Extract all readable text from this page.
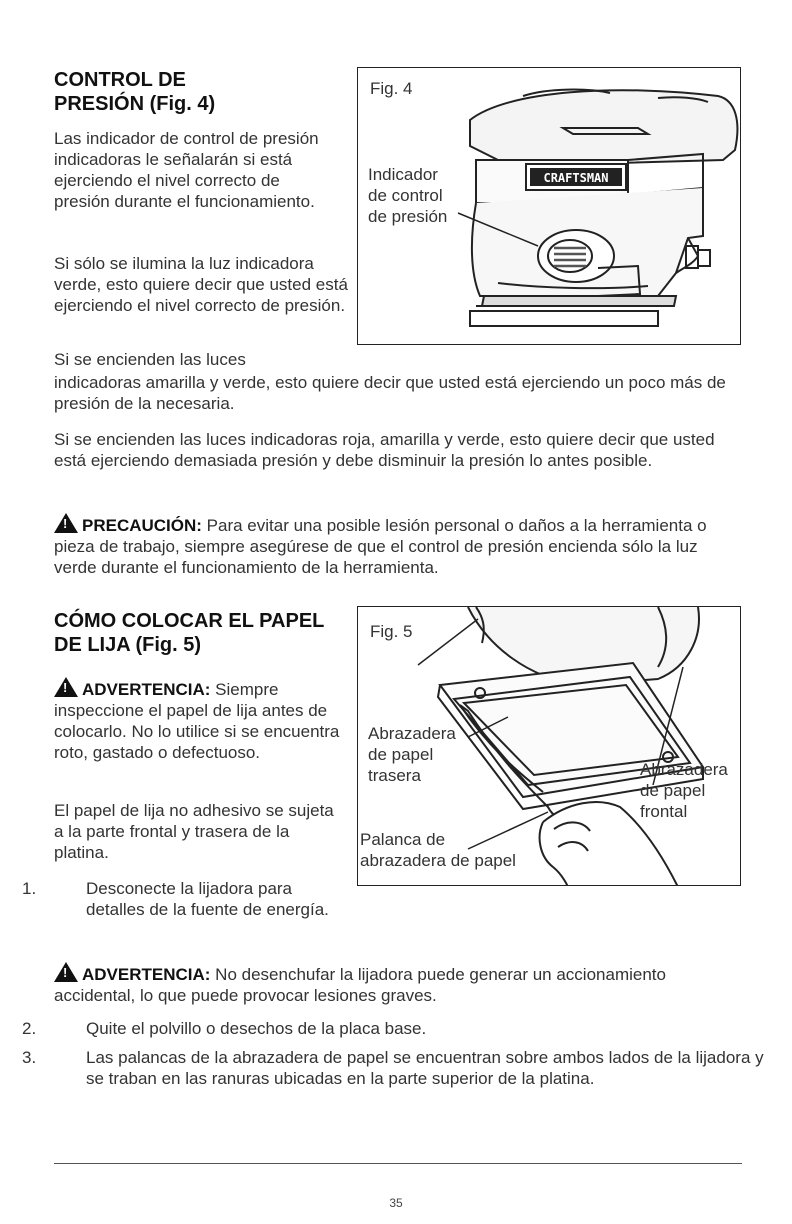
CONTROL DE
PRESIÓN (Fig. 4)

Las indicador de control de presión indicadoras le señalarán si está ejerciendo el nivel correcto de presión durante el funcionamiento.

Si sólo se ilumina la luz indicadora verde, esto quiere decir que usted está ejerciendo el nivel correcto de presión.

Si se encienden las luces

indicadoras amarilla y verde, esto quiere decir que usted está ejerciendo un poco más de presión de la necesaria.

Si se encienden las luces indicadoras roja, amarilla y verde, esto quiere decir que usted está ejerciendo demasiada presión y debe disminuir la presión lo antes posible.

!PRECAUCIÓN: Para evitar una posible lesión personal o daños a la herramienta o pieza de trabajo, siempre asegúrese de que el control de presión encienda sólo la luz verde durante el funcionamiento de la herramienta.

Fig. 4
Indicador
de control
de presión
CRAFTSMAN
CÓMO COLOCAR EL PAPEL
DE LIJA (Fig. 5)

!ADVERTENCIA: Siempre inspeccione el papel de lija antes de colocarlo. No lo utilice si se encuentra roto, gastado o defectuoso.

El papel de lija no adhesivo se sujeta a la parte frontal y trasera de la platina.

1.	Desconecte la lijadora para detalles de la fuente de energía.

!ADVERTENCIA: No desenchufar la lijadora puede generar un accionamiento accidental, lo que puede provocar lesiones graves.

2.	Quite el polvillo o desechos de la placa base.

3.	Las palancas de la abrazadera de papel se encuentran sobre ambos lados de la lijadora y se traban en las ranuras ubicadas en la parte superior de la platina.

Fig. 5
Abrazadera
de papel
trasera	Abrazadera
de papel
frontal
Palanca de
abrazadera de papel
35
